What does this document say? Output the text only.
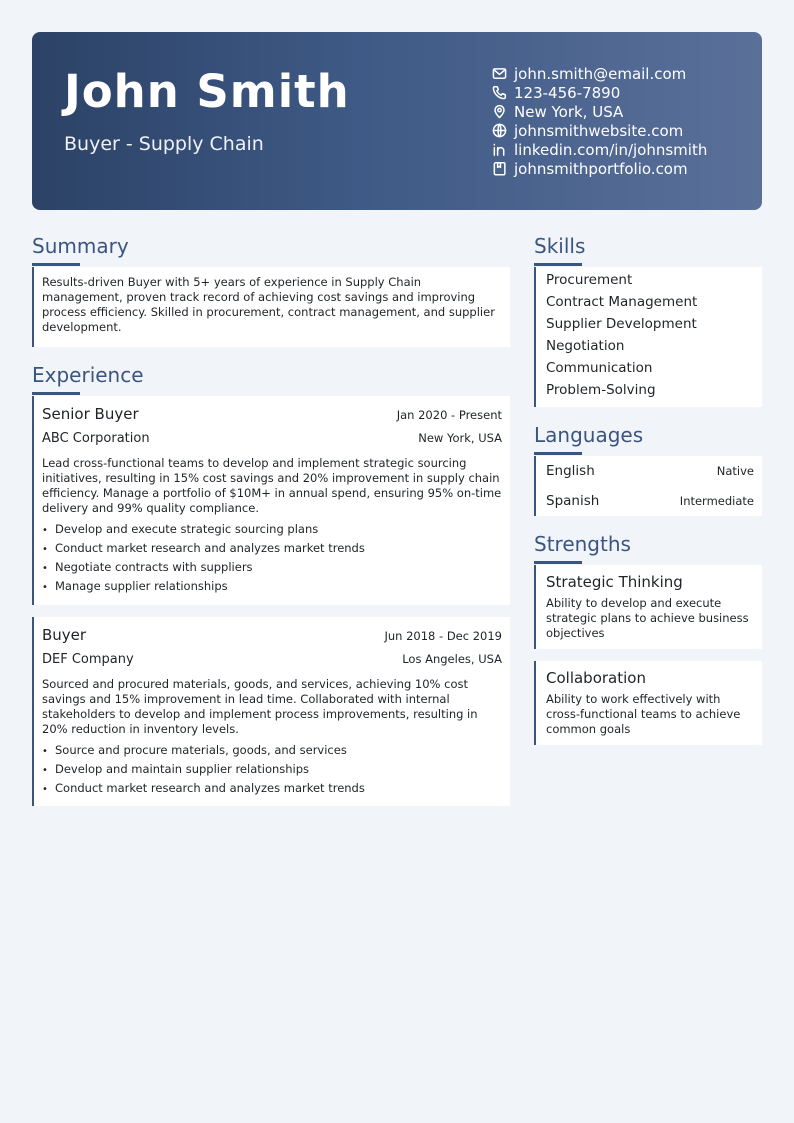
John Smith
Buyer - Supply Chain
john.smith@email.com
123-456-7890
New York, USA
johnsmithwebsite.com
linkedin.com/in/johnsmith
johnsmithportfolio.com
Summary
Results-driven Buyer with 5+ years of experience in Supply Chain management, proven track record of achieving cost savings and improving process efficiency. Skilled in procurement, contract management, and supplier development.
Experience
Senior Buyer	Jan 2020 - Present
ABC Corporation	New York, USA
Lead cross-functional teams to develop and implement strategic sourcing initiatives, resulting in 15% cost savings and 20% improvement in supply chain efficiency. Manage a portfolio of $10M+ in annual spend, ensuring 95% on-time delivery and 99% quality compliance.
• Develop and execute strategic sourcing plans
• Conduct market research and analyzes market trends
• Negotiate contracts with suppliers
• Manage supplier relationships
Buyer	Jun 2018 - Dec 2019
DEF Company	Los Angeles, USA
Sourced and procured materials, goods, and services, achieving 10% cost savings and 15% improvement in lead time. Collaborated with internal stakeholders to develop and implement process improvements, resulting in 20% reduction in inventory levels.
• Source and procure materials, goods, and services
• Develop and maintain supplier relationships
• Conduct market research and analyzes market trends
Skills
Procurement
Contract Management
Supplier Development
Negotiation
Communication
Problem-Solving
Languages
English	Native
Spanish	Intermediate
Strengths
Strategic Thinking
Ability to develop and execute strategic plans to achieve business objectives
Collaboration
Ability to work effectively with cross-functional teams to achieve common goals
